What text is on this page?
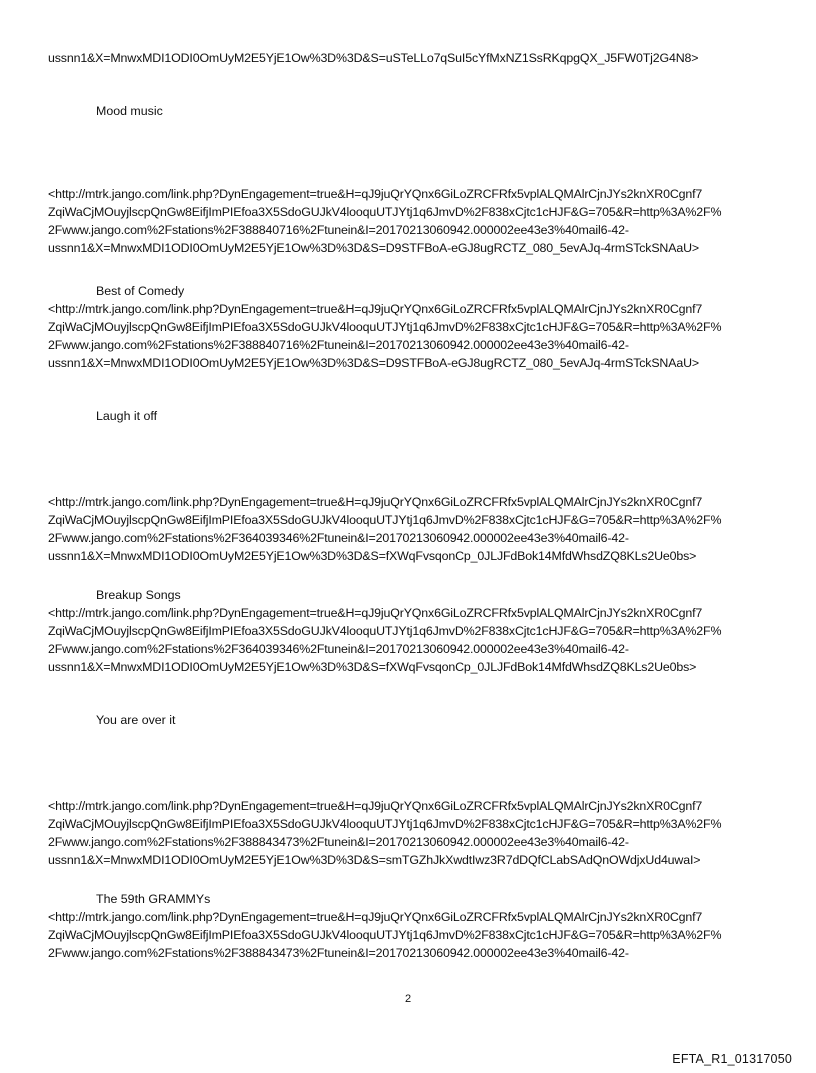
ussnn1&X=MnwxMDI1ODI0OmUyM2E5YjE1Ow%3D%3D&S=uSTeLLo7qSuI5cYfMxNZ1SsRKqpgQX_J5FW0Tj2G4N8>
Mood music
<http://mtrk.jango.com/link.php?DynEngagement=true&H=qJ9juQrYQnx6GiLoZRCFRfx5vplALQMAlrCjnJYs2knXR0Cgnf7
ZqiWaCjMOuyjlscpQnGw8EifjImPIEfoa3X5SdoGUJkV4looquUTJYtj1q6JmvD%2F838xCjtc1cHJF&G=705&R=http%3A%2F%
2Fwww.jango.com%2Fstations%2F388840716%2Ftunein&I=20170213060942.000002ee43e3%40mail6-42-
ussnn1&X=MnwxMDI1ODI0OmUyM2E5YjE1Ow%3D%3D&S=D9STFBoA-eGJ8ugRCTZ_080_5evAJq-4rmSTckSNAaU>
Best of Comedy
<http://mtrk.jango.com/link.php?DynEngagement=true&H=qJ9juQrYQnx6GiLoZRCFRfx5vplALQMAlrCjnJYs2knXR0Cgnf7
ZqiWaCjMOuyjlscpQnGw8EifjImPIEfoa3X5SdoGUJkV4looquUTJYtj1q6JmvD%2F838xCjtc1cHJF&G=705&R=http%3A%2F%
2Fwww.jango.com%2Fstations%2F388840716%2Ftunein&I=20170213060942.000002ee43e3%40mail6-42-
ussnn1&X=MnwxMDI1ODI0OmUyM2E5YjE1Ow%3D%3D&S=D9STFBoA-eGJ8ugRCTZ_080_5evAJq-4rmSTckSNAaU>
Laugh it off
<http://mtrk.jango.com/link.php?DynEngagement=true&H=qJ9juQrYQnx6GiLoZRCFRfx5vplALQMAlrCjnJYs2knXR0Cgnf7
ZqiWaCjMOuyjlscpQnGw8EifjImPIEfoa3X5SdoGUJkV4looquUTJYtj1q6JmvD%2F838xCjtc1cHJF&G=705&R=http%3A%2F%
2Fwww.jango.com%2Fstations%2F364039346%2Ftunein&I=20170213060942.000002ee43e3%40mail6-42-
ussnn1&X=MnwxMDI1ODI0OmUyM2E5YjE1Ow%3D%3D&S=fXWqFvsqonCp_0JLJFdBok14MfdWhsdZQ8KLs2Ue0bs>
Breakup Songs
<http://mtrk.jango.com/link.php?DynEngagement=true&H=qJ9juQrYQnx6GiLoZRCFRfx5vplALQMAlrCjnJYs2knXR0Cgnf7
ZqiWaCjMOuyjlscpQnGw8EifjImPIEfoa3X5SdoGUJkV4looquUTJYtj1q6JmvD%2F838xCjtc1cHJF&G=705&R=http%3A%2F%
2Fwww.jango.com%2Fstations%2F364039346%2Ftunein&I=20170213060942.000002ee43e3%40mail6-42-
ussnn1&X=MnwxMDI1ODI0OmUyM2E5YjE1Ow%3D%3D&S=fXWqFvsqonCp_0JLJFdBok14MfdWhsdZQ8KLs2Ue0bs>
You are over it
<http://mtrk.jango.com/link.php?DynEngagement=true&H=qJ9juQrYQnx6GiLoZRCFRfx5vplALQMAlrCjnJYs2knXR0Cgnf7
ZqiWaCjMOuyjlscpQnGw8EifjImPIEfoa3X5SdoGUJkV4looquUTJYtj1q6JmvD%2F838xCjtc1cHJF&G=705&R=http%3A%2F%
2Fwww.jango.com%2Fstations%2F388843473%2Ftunein&I=20170213060942.000002ee43e3%40mail6-42-
ussnn1&X=MnwxMDI1ODI0OmUyM2E5YjE1Ow%3D%3D&S=smTGZhJkXwdtIwz3R7dDQfCLabSAdQnOWdjxUd4uwaI>
The 59th GRAMMYs
<http://mtrk.jango.com/link.php?DynEngagement=true&H=qJ9juQrYQnx6GiLoZRCFRfx5vplALQMAlrCjnJYs2knXR0Cgnf7
ZqiWaCjMOuyjlscpQnGw8EifjImPIEfoa3X5SdoGUJkV4looquUTJYtj1q6JmvD%2F838xCjtc1cHJF&G=705&R=http%3A%2F%
2Fwww.jango.com%2Fstations%2F388843473%2Ftunein&I=20170213060942.000002ee43e3%40mail6-42-
2
EFTA_R1_01317050
